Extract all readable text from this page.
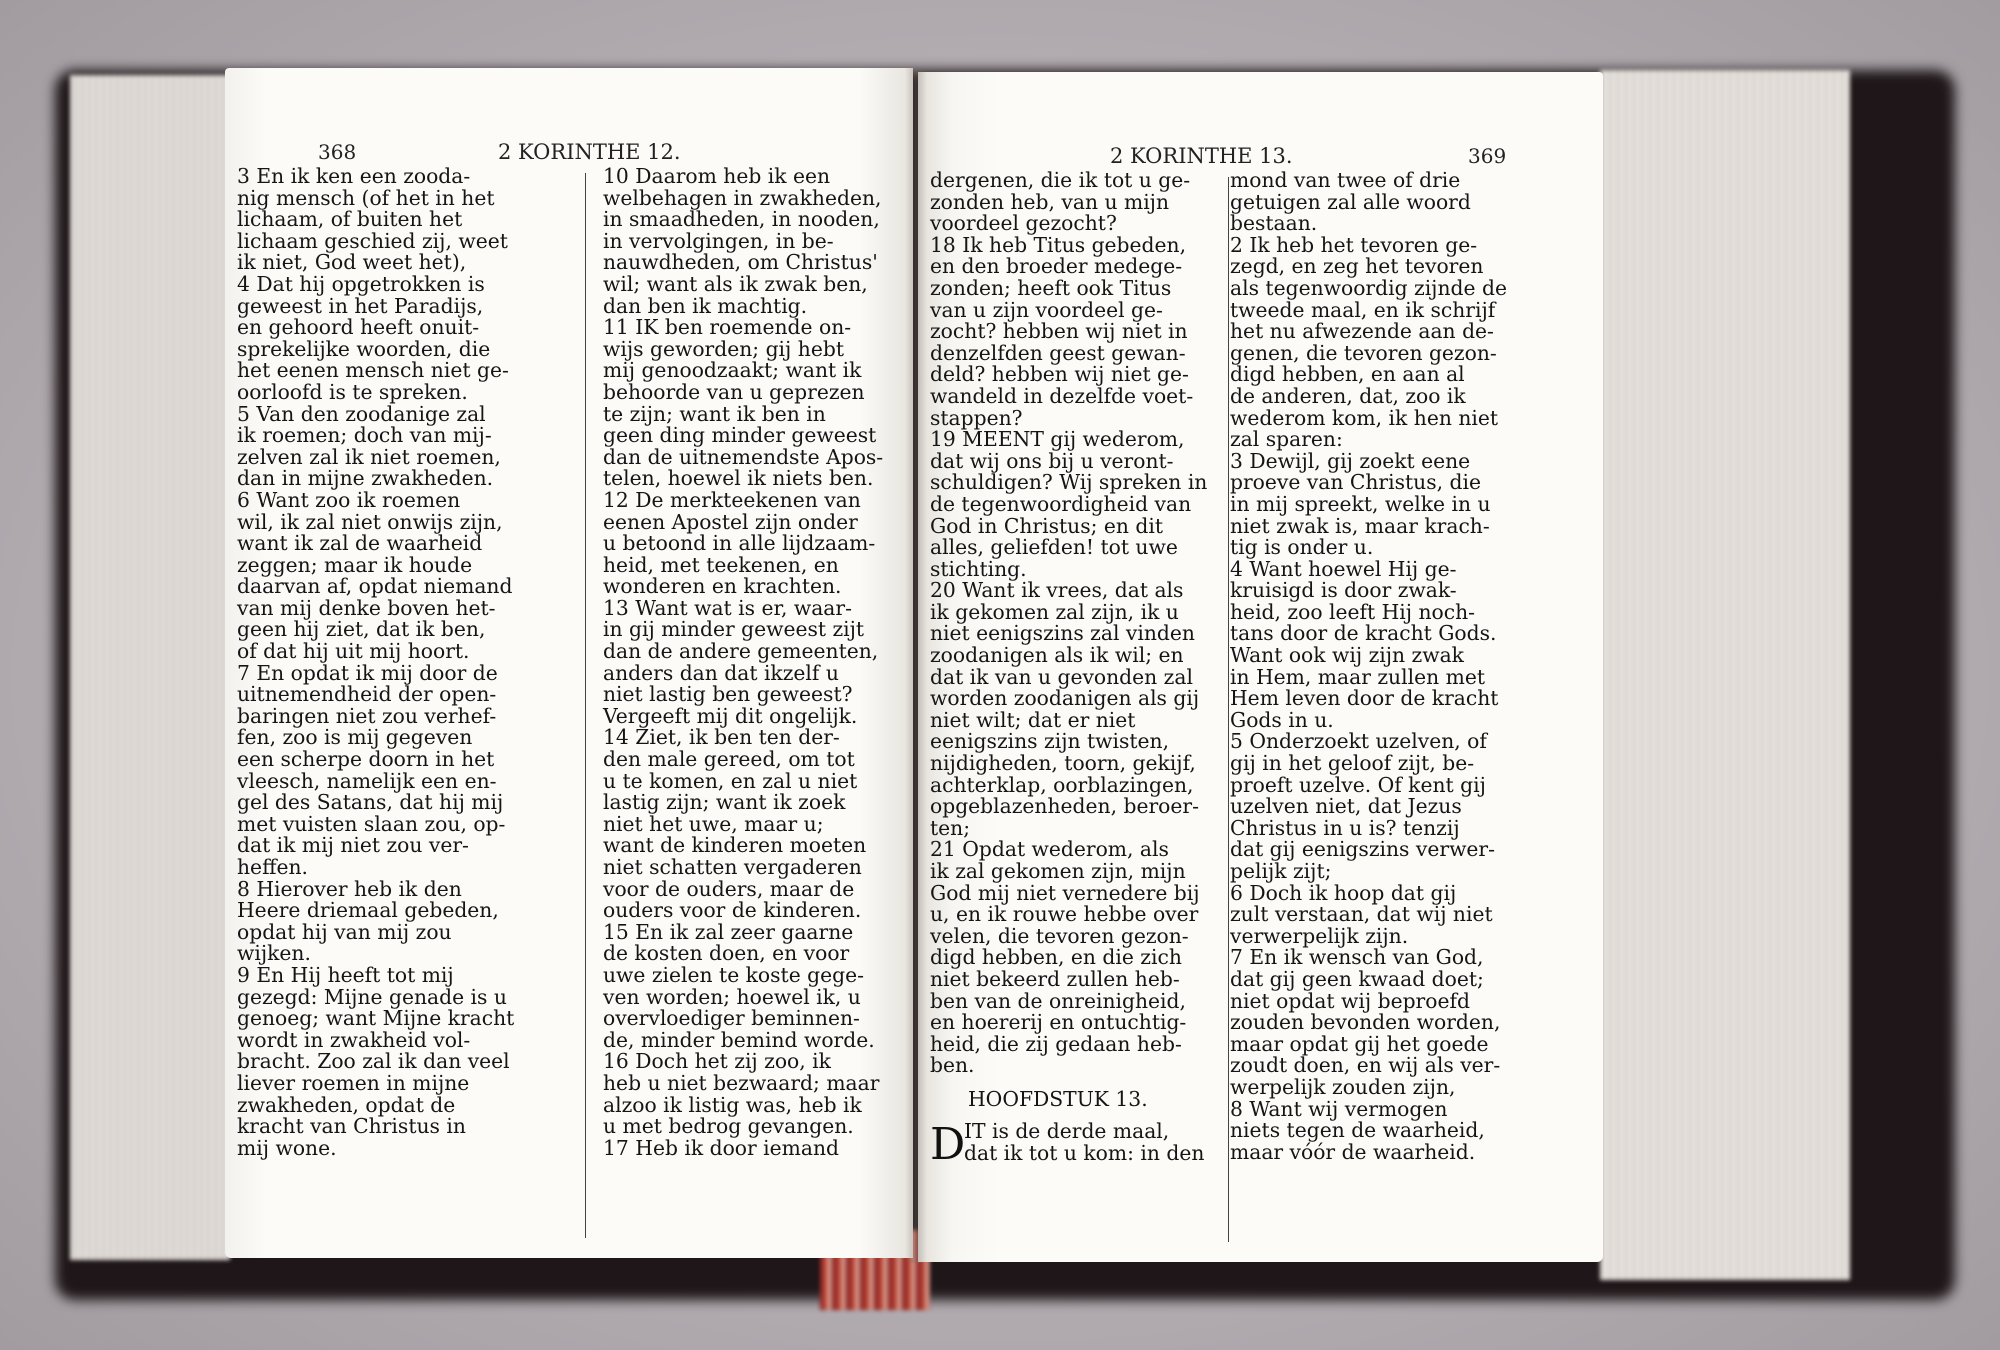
368	2 KORINTHE 12.
3 En ik ken een zooda-
nig mensch (of het in het
lichaam, of buiten het
lichaam geschied zij, weet
ik niet, God weet het),
4 Dat hij opgetrokken is
geweest in het Paradijs,
en gehoord heeft onuit-
sprekelijke woorden, die
het eenen mensch niet ge-
oorloofd is te spreken.
5 Van den zoodanige zal
ik roemen; doch van mij-
zelven zal ik niet roemen,
dan in mijne zwakheden.
6 Want zoo ik roemen
wil, ik zal niet onwijs zijn,
want ik zal de waarheid
zeggen; maar ik houde
daarvan af, opdat niemand
van mij denke boven het-
geen hij ziet, dat ik ben,
of dat hij uit mij hoort.
7 En opdat ik mij door de
uitnemendheid der open-
baringen niet zou verhef-
fen, zoo is mij gegeven
een scherpe doorn in het
vleesch, namelijk een en-
gel des Satans, dat hij mij
met vuisten slaan zou, op-
dat ik mij niet zou ver-
heffen.
8 Hierover heb ik den
Heere driemaal gebeden,
opdat hij van mij zou
wijken.
9 En Hij heeft tot mij
gezegd: Mijne genade is u
genoeg; want Mijne kracht
wordt in zwakheid vol-
bracht. Zoo zal ik dan veel
liever roemen in mijne
zwakheden, opdat de
kracht van Christus in
mij wone.
10 Daarom heb ik een
welbehagen in zwakheden,
in smaadheden, in nooden,
in vervolgingen, in be-
nauwdheden, om Christus'
wil; want als ik zwak ben,
dan ben ik machtig.
11 IK ben roemende on-
wijs geworden; gij hebt
mij genoodzaakt; want ik
behoorde van u geprezen
te zijn; want ik ben in
geen ding minder geweest
dan de uitnemendste Apos-
telen, hoewel ik niets ben.
12 De merkteekenen van
eenen Apostel zijn onder
u betoond in alle lijdzaam-
heid, met teekenen, en
wonderen en krachten.
13 Want wat is er, waar-
in gij minder geweest zijt
dan de andere gemeenten,
anders dan dat ikzelf u
niet lastig ben geweest?
Vergeeft mij dit ongelijk.
14 Ziet, ik ben ten der-
den male gereed, om tot
u te komen, en zal u niet
lastig zijn; want ik zoek
niet het uwe, maar u;
want de kinderen moeten
niet schatten vergaderen
voor de ouders, maar de
ouders voor de kinderen.
15 En ik zal zeer gaarne
de kosten doen, en voor
uwe zielen te koste gege-
ven worden; hoewel ik, u
overvloediger beminnen-
de, minder bemind worde.
16 Doch het zij zoo, ik
heb u niet bezwaard; maar
alzoo ik listig was, heb ik
u met bedrog gevangen.
17 Heb ik door iemand
2 KORINTHE 13.	369
dergenen, die ik tot u ge-
zonden heb, van u mijn
voordeel gezocht?
18 Ik heb Titus gebeden,
en den broeder medege-
zonden; heeft ook Titus
van u zijn voordeel ge-
zocht? hebben wij niet in
denzelfden geest gewan-
deld? hebben wij niet ge-
wandeld in dezelfde voet-
stappen?
19 MEENT gij wederom,
dat wij ons bij u veront-
schuldigen? Wij spreken in
de tegenwoordigheid van
God in Christus; en dit
alles, geliefden! tot uwe
stichting.
20 Want ik vrees, dat als
ik gekomen zal zijn, ik u
niet eenigszins zal vinden
zoodanigen als ik wil; en
dat ik van u gevonden zal
worden zoodanigen als gij
niet wilt; dat er niet
eenigszins zijn twisten,
nijdigheden, toorn, gekijf,
achterklap, oorblazingen,
opgeblazenheden, beroer-
ten;
21 Opdat wederom, als
ik zal gekomen zijn, mijn
God mij niet vernedere bij
u, en ik rouwe hebbe over
velen, die tevoren gezon-
digd hebben, en die zich
niet bekeerd zullen heb-
ben van de onreinigheid,
en hoererij en ontuchtig-
heid, die zij gedaan heb-
ben.
HOOFDSTUK 13.
D
IT is de derde maal,
dat ik tot u kom: in den
mond van twee of drie
getuigen zal alle woord
bestaan.
2 Ik heb het tevoren ge-
zegd, en zeg het tevoren
als tegenwoordig zijnde de
tweede maal, en ik schrijf
het nu afwezende aan de-
genen, die tevoren gezon-
digd hebben, en aan al
de anderen, dat, zoo ik
wederom kom, ik hen niet
zal sparen:
3 Dewijl, gij zoekt eene
proeve van Christus, die
in mij spreekt, welke in u
niet zwak is, maar krach-
tig is onder u.
4 Want hoewel Hij ge-
kruisigd is door zwak-
heid, zoo leeft Hij noch-
tans door de kracht Gods.
Want ook wij zijn zwak
in Hem, maar zullen met
Hem leven door de kracht
Gods in u.
5 Onderzoekt uzelven, of
gij in het geloof zijt, be-
proeft uzelve. Of kent gij
uzelven niet, dat Jezus
Christus in u is? tenzij
dat gij eenigszins verwer-
pelijk zijt;
6 Doch ik hoop dat gij
zult verstaan, dat wij niet
verwerpelijk zijn.
7 En ik wensch van God,
dat gij geen kwaad doet;
niet opdat wij beproefd
zouden bevonden worden,
maar opdat gij het goede
zoudt doen, en wij als ver-
werpelijk zouden zijn,
8 Want wij vermogen
niets tegen de waarheid,
maar vóór de waarheid.
